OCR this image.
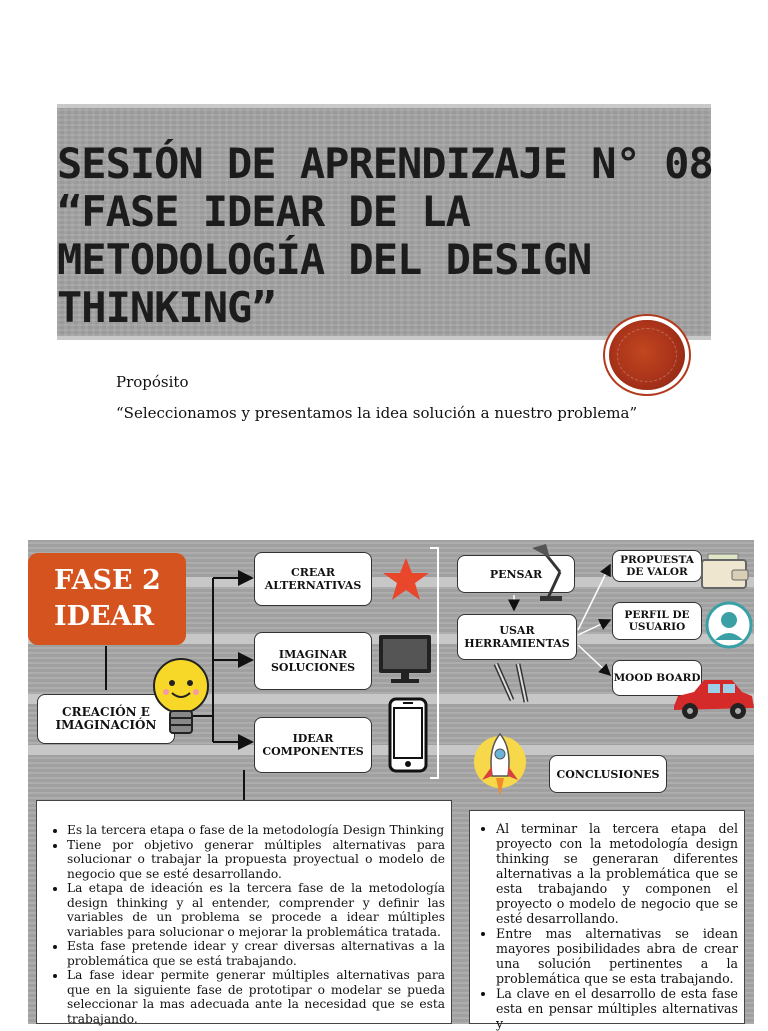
SESIÓN DE APRENDIZAJE N° 08
“FASE IDEAR DE LA
METODOLOGÍA DEL DESIGN
THINKING”
Propósito
“Seleccionamos y presentamos la idea solución a nuestro problema”
FASE 2
IDEAR
CREACIÓN E IMAGINACIÓN
CREAR ALTERNATIVAS
IMAGINAR SOLUCIONES
IDEAR COMPONENTES
PENSAR
USAR HERRAMIENTAS
PROPUESTA DE VALOR
PERFIL DE USUARIO
MOOD BOARD
CONCLUSIONES
• Es la tercera etapa o fase de la metodología Design Thinking
• Tiene por objetivo generar múltiples alternativas para solucionar o trabajar la propuesta proyectual o modelo de negocio que se esté desarrollando.
• La etapa de ideación es la tercera fase de la metodología design thinking y al entender, comprender y definir las variables de un problema se procede a idear múltiples variables para solucionar o mejorar la problemática tratada.
• Esta fase pretende idear y crear diversas alternativas a la problemática que se está trabajando.
• La fase idear permite generar múltiples alternativas para que en la siguiente fase de prototipar o modelar se pueda seleccionar la mas adecuada ante la necesidad que se esta trabajando.
• Al terminar la tercera etapa del proyecto con la metodología design thinking se generaran diferentes alternativas a la problemática que se esta trabajando y componen el proyecto o modelo de negocio que se esté desarrollando.
• Entre mas alternativas se idean mayores posibilidades abra de crear una solución pertinentes a la problemática que se esta trabajando.
• La clave en el desarrollo de esta fase esta en pensar múltiples alternativas y
